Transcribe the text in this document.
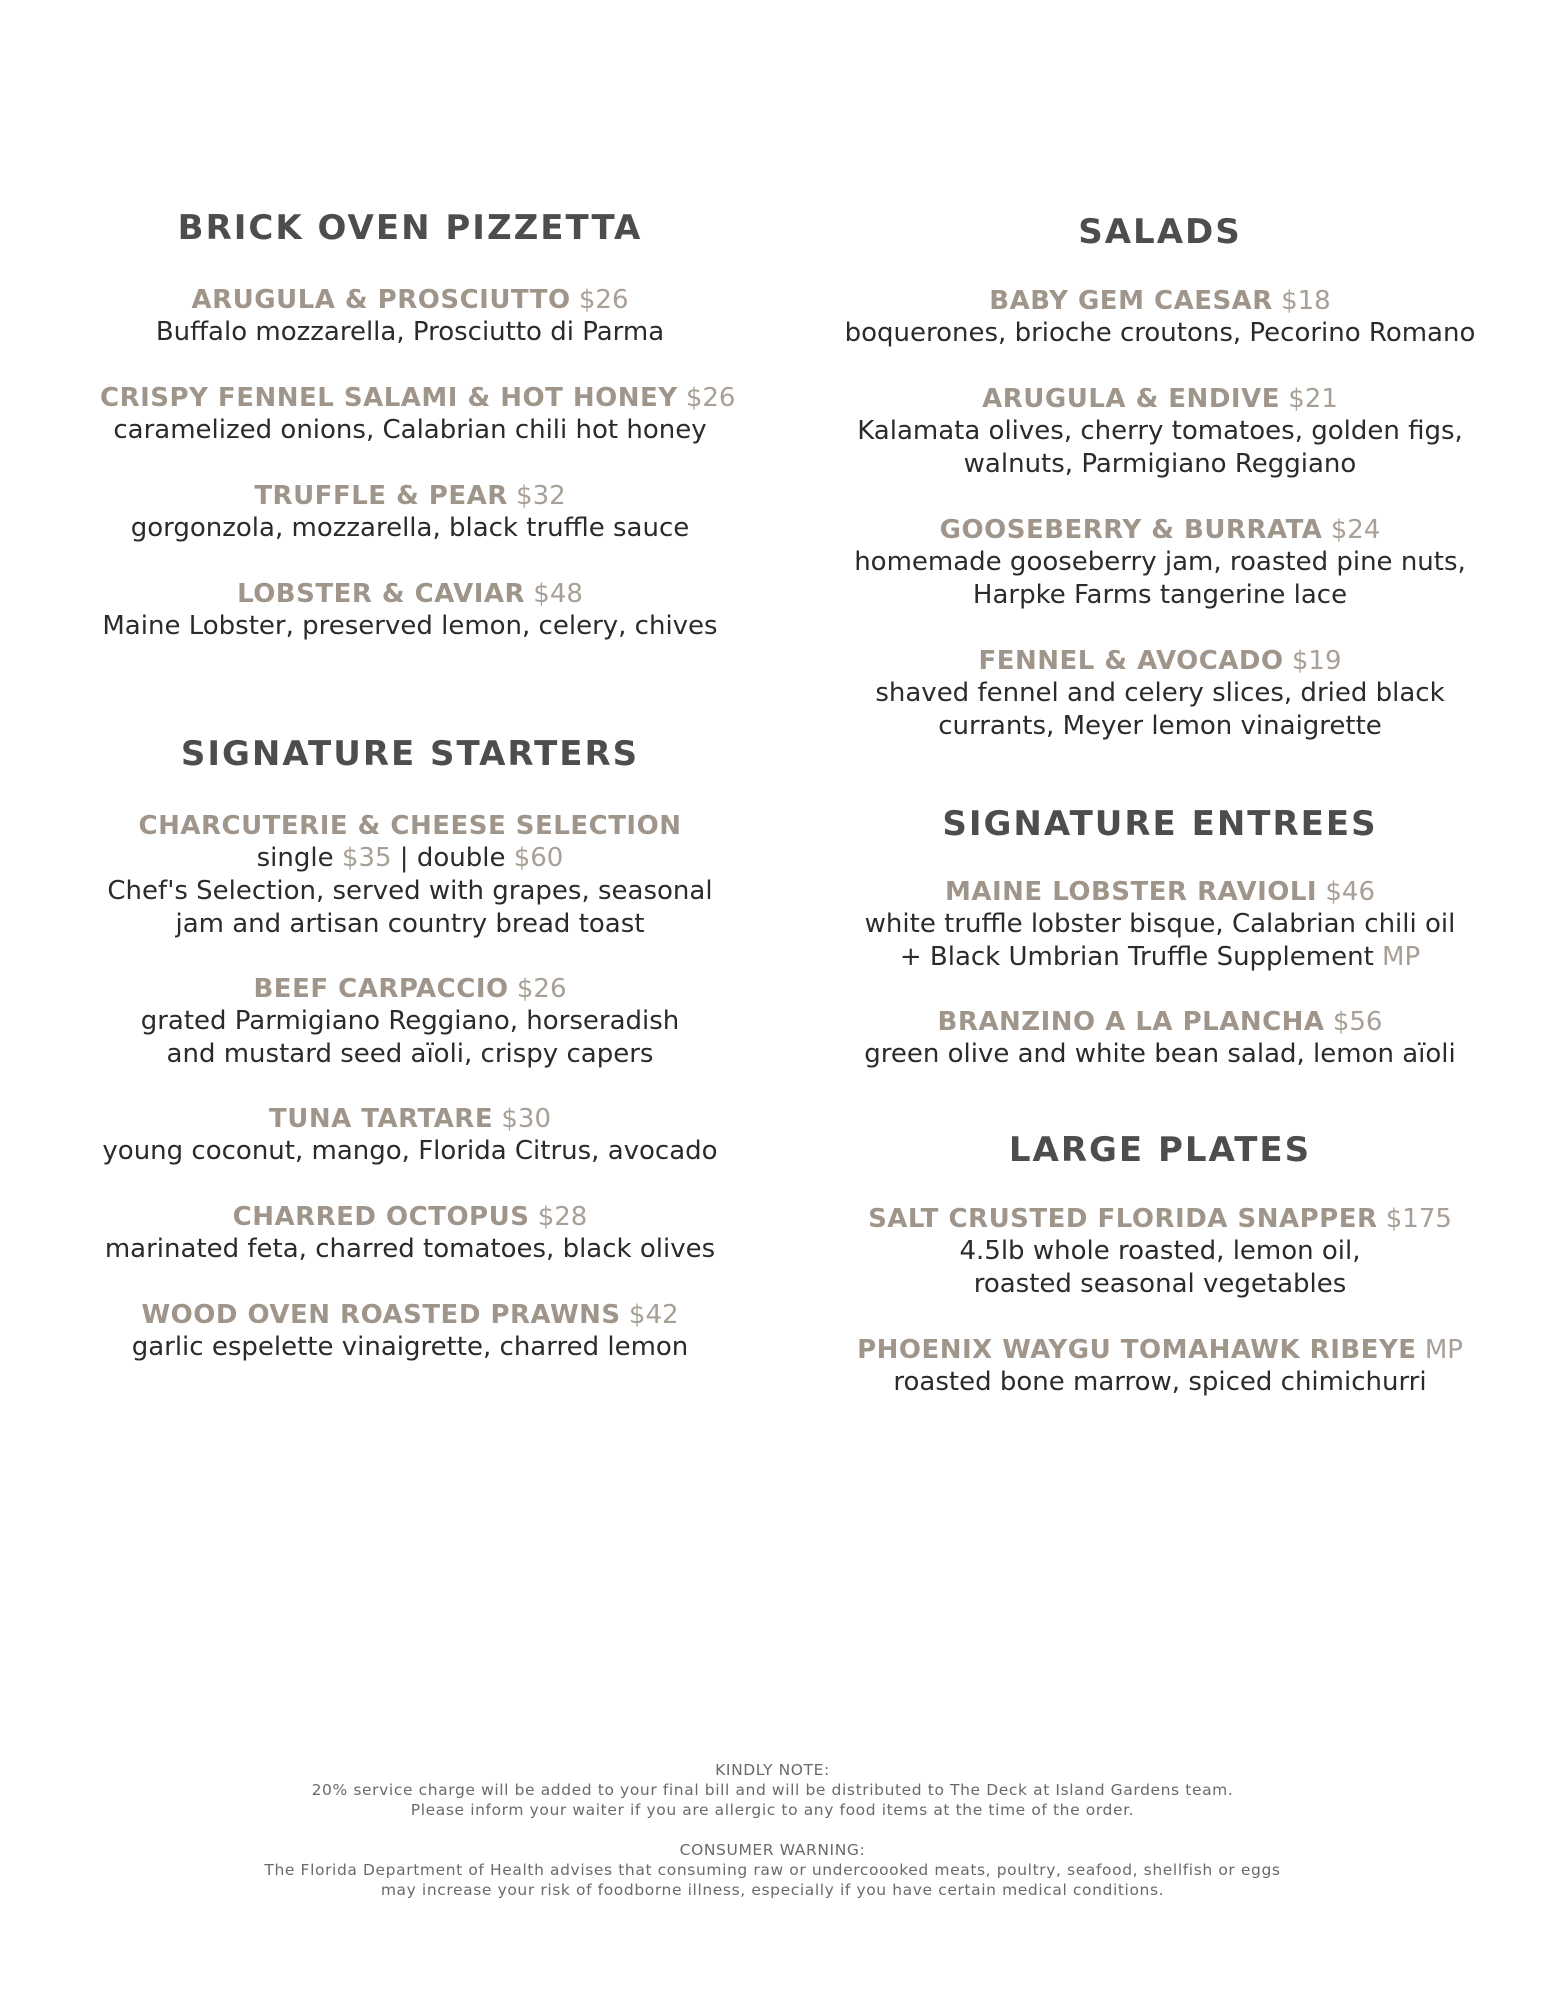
BRICK OVEN PIZZETTA
ARUGULA & PROSCIUTTO $26
Buffalo mozzarella, Prosciutto di Parma
CRISPY FENNEL SALAMI & HOT HONEY $26
caramelized onions, Calabrian chili hot honey
TRUFFLE & PEAR $32
gorgonzola, mozzarella, black truffle sauce
LOBSTER & CAVIAR $48
Maine Lobster, preserved lemon, celery, chives
SIGNATURE STARTERS
CHARCUTERIE & CHEESE SELECTION
single $35 | double $60
Chef's Selection, served with grapes, seasonal
jam and artisan country bread toast
BEEF CARPACCIO $26
grated Parmigiano Reggiano, horseradish
and mustard seed aïoli, crispy capers
TUNA TARTARE $30
young coconut, mango, Florida Citrus, avocado
CHARRED OCTOPUS $28
marinated feta, charred tomatoes, black olives
WOOD OVEN ROASTED PRAWNS $42
garlic espelette vinaigrette, charred lemon
SALADS
BABY GEM CAESAR $18
boquerones, brioche croutons, Pecorino Romano
ARUGULA & ENDIVE $21
Kalamata olives, cherry tomatoes, golden figs,
walnuts, Parmigiano Reggiano
GOOSEBERRY & BURRATA $24
homemade gooseberry jam, roasted pine nuts,
Harpke Farms tangerine lace
FENNEL & AVOCADO $19
shaved fennel and celery slices, dried black
currants, Meyer lemon vinaigrette
SIGNATURE ENTREES
MAINE LOBSTER RAVIOLI $46
white truffle lobster bisque, Calabrian chili oil
+ Black Umbrian Truffle Supplement MP
BRANZINO A LA PLANCHA $56
green olive and white bean salad, lemon aïoli
LARGE PLATES
SALT CRUSTED FLORIDA SNAPPER $175
4.5lb whole roasted, lemon oil,
roasted seasonal vegetables
PHOENIX WAYGU TOMAHAWK RIBEYE MP
roasted bone marrow, spiced chimichurri
KINDLY NOTE:
20% service charge will be added to your final bill and will be distributed to The Deck at Island Gardens team.
Please inform your waiter if you are allergic to any food items at the time of the order.
CONSUMER WARNING:
The Florida Department of Health advises that consuming raw or undercoooked meats, poultry, seafood, shellfish or eggs
may increase your risk of foodborne illness, especially if you have certain medical conditions.
